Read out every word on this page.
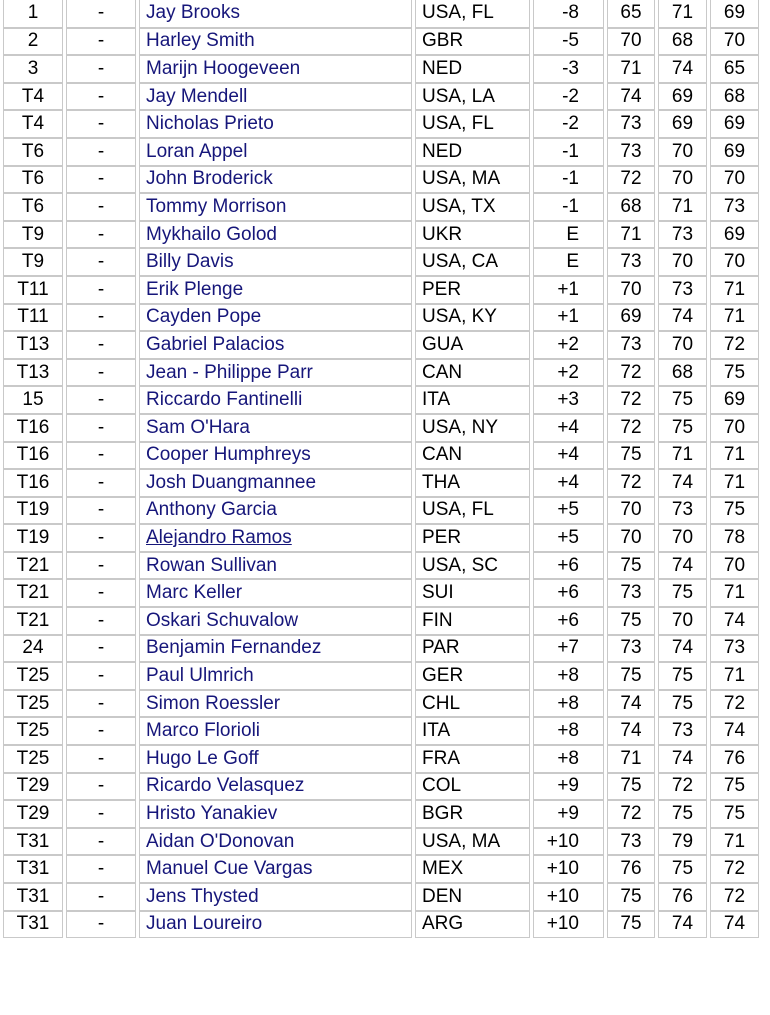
1	-	Jay Brooks	USA, FL	-8	65	71	69
2	-	Harley Smith	GBR	-5	70	68	70
3	-	Marijn Hoogeveen	NED	-3	71	74	65
T4	-	Jay Mendell	USA, LA	-2	74	69	68
T4	-	Nicholas Prieto	USA, FL	-2	73	69	69
T6	-	Loran Appel	NED	-1	73	70	69
T6	-	John Broderick	USA, MA	-1	72	70	70
T6	-	Tommy Morrison	USA, TX	-1	68	71	73
T9	-	Mykhailo Golod	UKR	E	71	73	69
T9	-	Billy Davis	USA, CA	E	73	70	70
T11	-	Erik Plenge	PER	+1	70	73	71
T11	-	Cayden Pope	USA, KY	+1	69	74	71
T13	-	Gabriel Palacios	GUA	+2	73	70	72
T13	-	Jean - Philippe Parr	CAN	+2	72	68	75
15	-	Riccardo Fantinelli	ITA	+3	72	75	69
T16	-	Sam O'Hara	USA, NY	+4	72	75	70
T16	-	Cooper Humphreys	CAN	+4	75	71	71
T16	-	Josh Duangmannee	THA	+4	72	74	71
T19	-	Anthony Garcia	USA, FL	+5	70	73	75
T19	-	Alejandro Ramos	PER	+5	70	70	78
T21	-	Rowan Sullivan	USA, SC	+6	75	74	70
T21	-	Marc Keller	SUI	+6	73	75	71
T21	-	Oskari Schuvalow	FIN	+6	75	70	74
24	-	Benjamin Fernandez	PAR	+7	73	74	73
T25	-	Paul Ulmrich	GER	+8	75	75	71
T25	-	Simon Roessler	CHL	+8	74	75	72
T25	-	Marco Florioli	ITA	+8	74	73	74
T25	-	Hugo Le Goff	FRA	+8	71	74	76
T29	-	Ricardo Velasquez	COL	+9	75	72	75
T29	-	Hristo Yanakiev	BGR	+9	72	75	75
T31	-	Aidan O'Donovan	USA, MA	+10	73	79	71
T31	-	Manuel Cue Vargas	MEX	+10	76	75	72
T31	-	Jens Thysted	DEN	+10	75	76	72
T31	-	Juan Loureiro	ARG	+10	75	74	74
